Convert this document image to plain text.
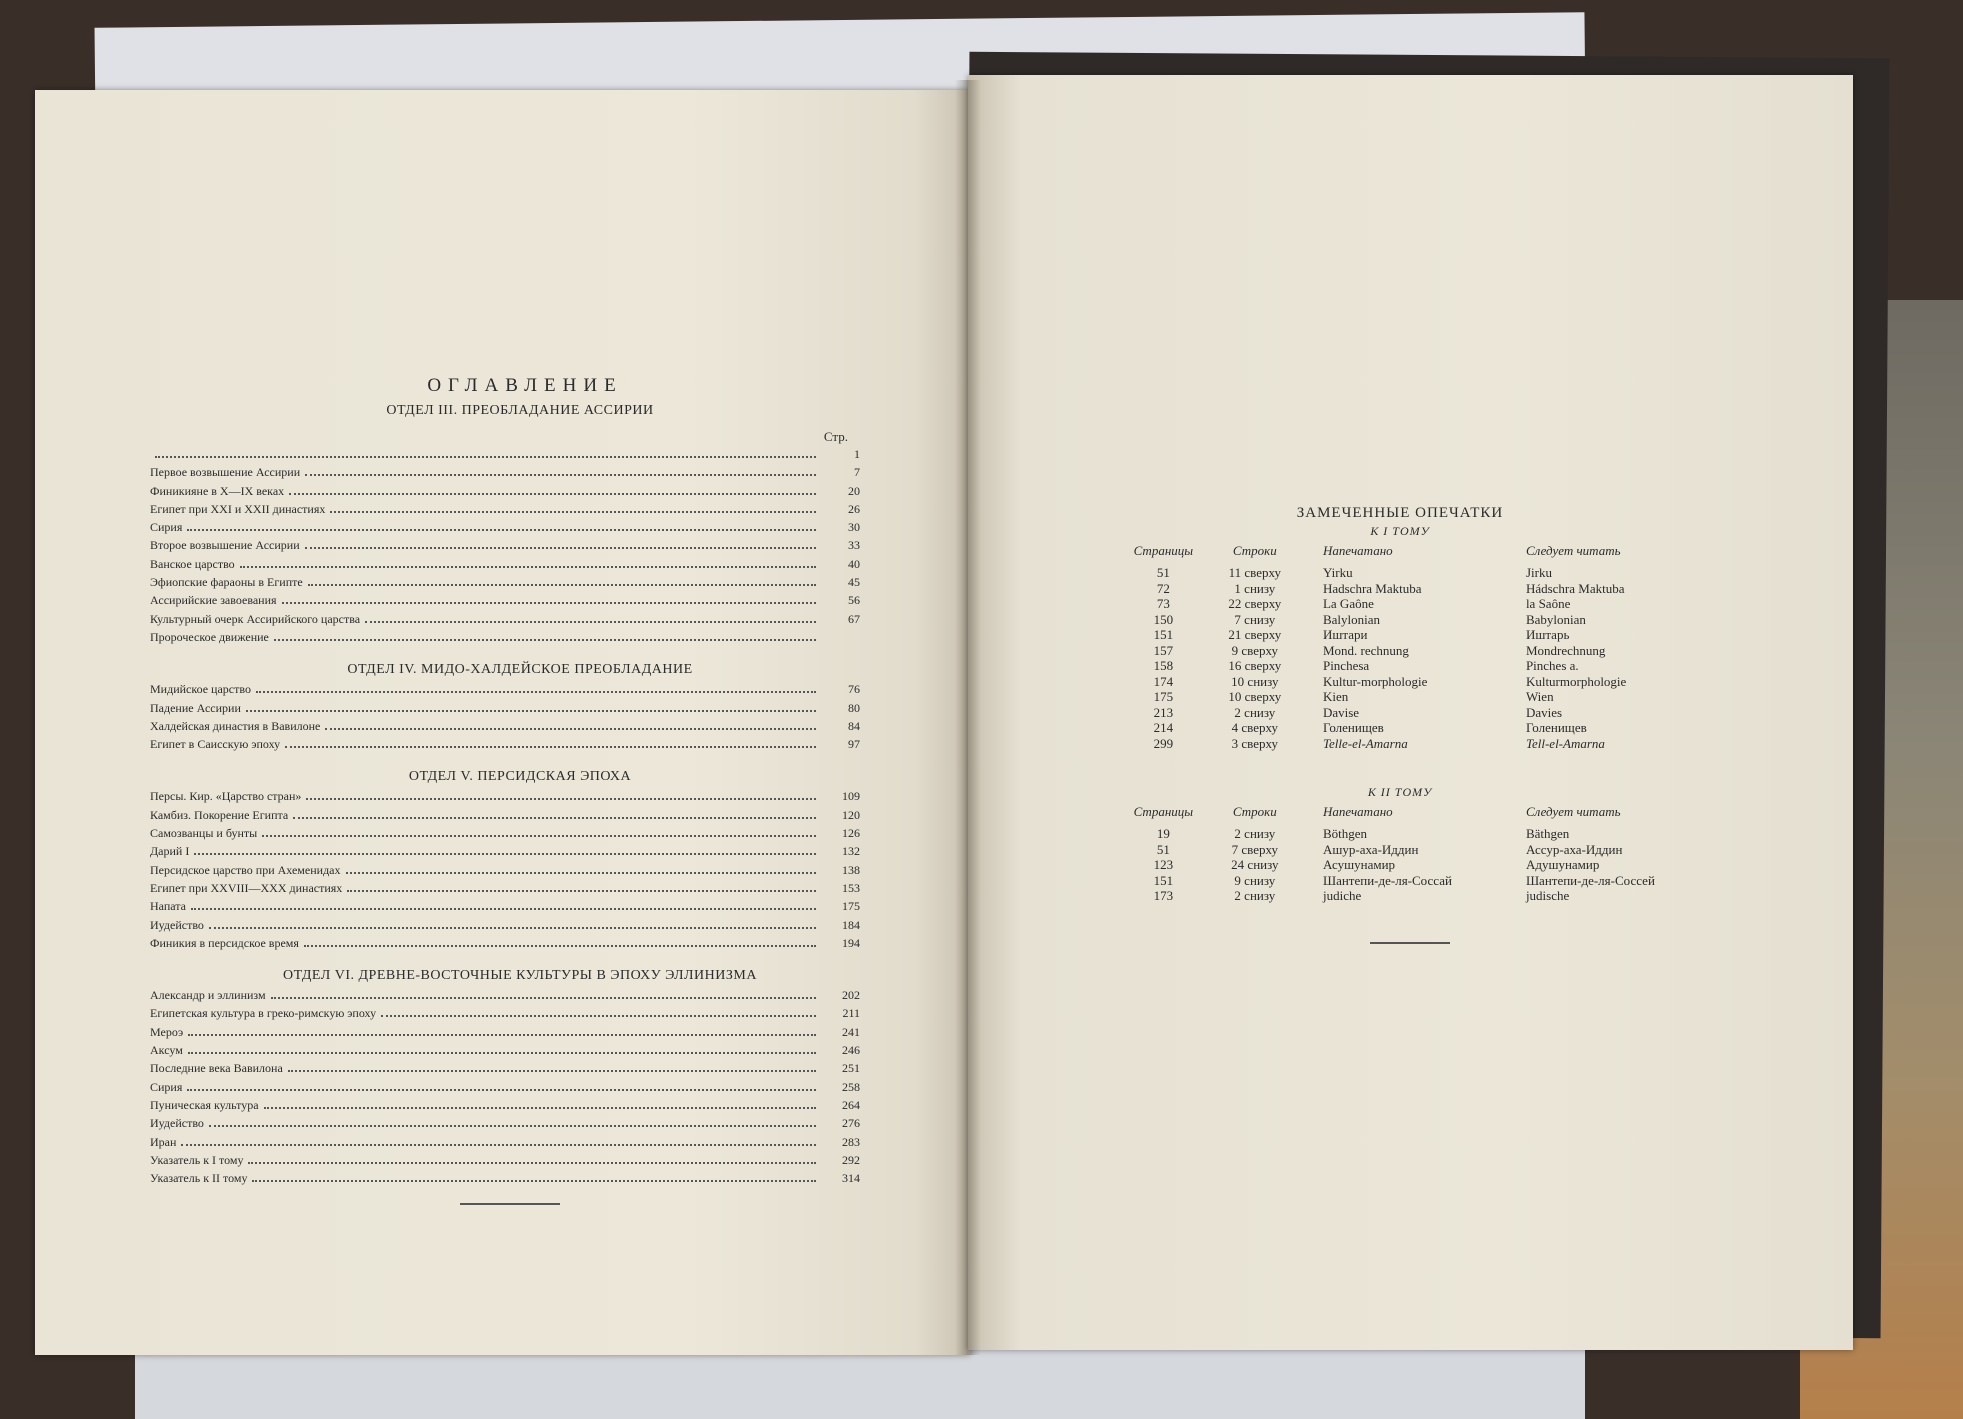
ОГЛАВЛЕНИЕ
ОТДЕЛ III. ПРЕОБЛАДАНИЕ АССИРИИ
Стр.
1
Первое возвышение Ассирии	7
Финикияне в X—IX веках	20
Египет при XXI и XXII династиях	26
Сирия	30
Второе возвышение Ассирии	33
Ванское царство	40
Эфиопские фараоны в Египте	45
Ассирийские завоевания	56
Культурный очерк Ассирийского царства	67
Пророческое движение
ОТДЕЛ IV. МИДО-ХАЛДЕЙСКОЕ ПРЕОБЛАДАНИЕ
Мидийское царство	76
Падение Ассирии	80
Халдейская династия в Вавилоне	84
Египет в Саисскую эпоху	97
ОТДЕЛ V. ПЕРСИДСКАЯ ЭПОХА
Персы. Кир. «Царство стран»	109
Камбиз. Покорение Египта	120
Самозванцы и бунты	126
Дарий I	132
Персидское царство при Ахеменидах	138
Египет при XXVIII—XXX династиях	153
Напата	175
Иудейство	184
Финикия в персидское время	194
ОТДЕЛ VI. ДРЕВНЕ-ВОСТОЧНЫЕ КУЛЬТУРЫ В ЭПОХУ ЭЛЛИНИЗМА
Александр и эллинизм	202
Египетская культура в греко-римскую эпоху	211
Мероэ	241
Аксум	246
Последние века Вавилона	251
Сирия	258
Пуническая культура	264
Иудейство	276
Иран	283
Указатель к I тому	292
Указатель к II тому	314
ЗАМЕЧЕННЫЕ ОПЕЧАТКИ
К I ТОМУ
Страницы	Строки	Напечатано	Следует читать
51	11 сверху	Yirku	Jirku
72	1 снизу	Hadschra Maktuba	Hádschra Maktuba
73	22 сверху	La Gaône	la Saône
150	7 снизу	Balylonian	Babylonian
151	21 сверху	Иштари	Иштарь
157	9 сверху	Mond. rechnung	Mondrechnung
158	16 сверху	Pinchesa	Pinches a.
174	10 снизу	Kultur-morphologie	Kulturmorphologie
175	10 сверху	Kien	Wien
213	2 снизу	Davise	Davies
214	4 сверху	Голенищев	Голенищев
299	3 сверху	Telle-el-Amarna	Tell-el-Amarna
К II ТОМУ
Страницы	Строки	Напечатано	Следует читать
19	2 снизу	Böthgen	Bäthgen
51	7 сверху	Ашур-аха-Иддин	Ассур-аха-Иддин
123	24 снизу	Асушунамир	Адушунамир
151	9 снизу	Шантепи-де-ля-Соссай	Шантепи-де-ля-Соссей
173	2 снизу	judiche	judische
